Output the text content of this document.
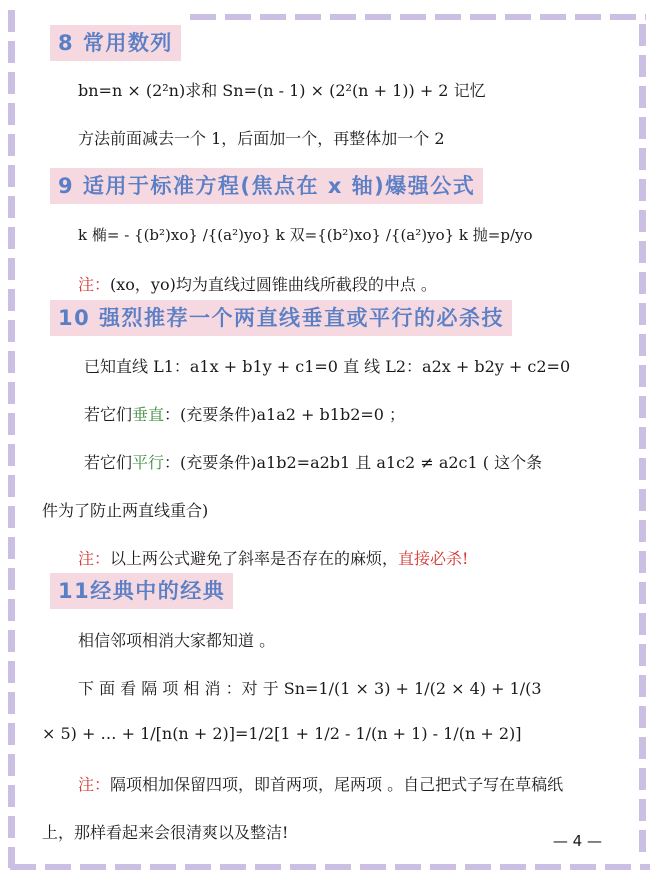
8 常用数列
bn=n × (2²n)求和 Sn=(n - 1) × (2²(n + 1)) + 2 记忆
方法前面减去一个 1，后面加一个，再整体加一个 2
9 适用于标准方程(焦点在 x 轴)爆强公式
k 椭= - {(b²)xo} /{(a²)yo} k 双={(b²)xo} /{(a²)yo} k 抛=p/yo
注：(xo，yo)均为直线过圆锥曲线所截段的中点 。
10 强烈推荐一个两直线垂直或平行的必杀技
已知直线 L1：a1x + b1y + c1=0 直 线 L2：a2x + b2y + c2=0
若它们垂直：(充要条件)a1a2 + b1b2=0 ；
若它们平行：(充要条件)a1b2=a2b1 且 a1c2 ≠ a2c1 ( 这个条
件为了防止两直线重合)
注：以上两公式避免了斜率是否存在的麻烦，直接必杀!
11经典中的经典
相信邻项相消大家都知道 。
下 面 看 隔 项 相 消 ：对 于 Sn=1/(1 × 3) + 1/(2 × 4) + 1/(3
× 5) + … + 1/[n(n + 2)]=1/2[1 + 1/2 - 1/(n + 1) - 1/(n + 2)]
注：隔项相加保留四项，即首两项，尾两项 。自己把式子写在草稿纸
上，那样看起来会很清爽以及整洁!	— 4 —
